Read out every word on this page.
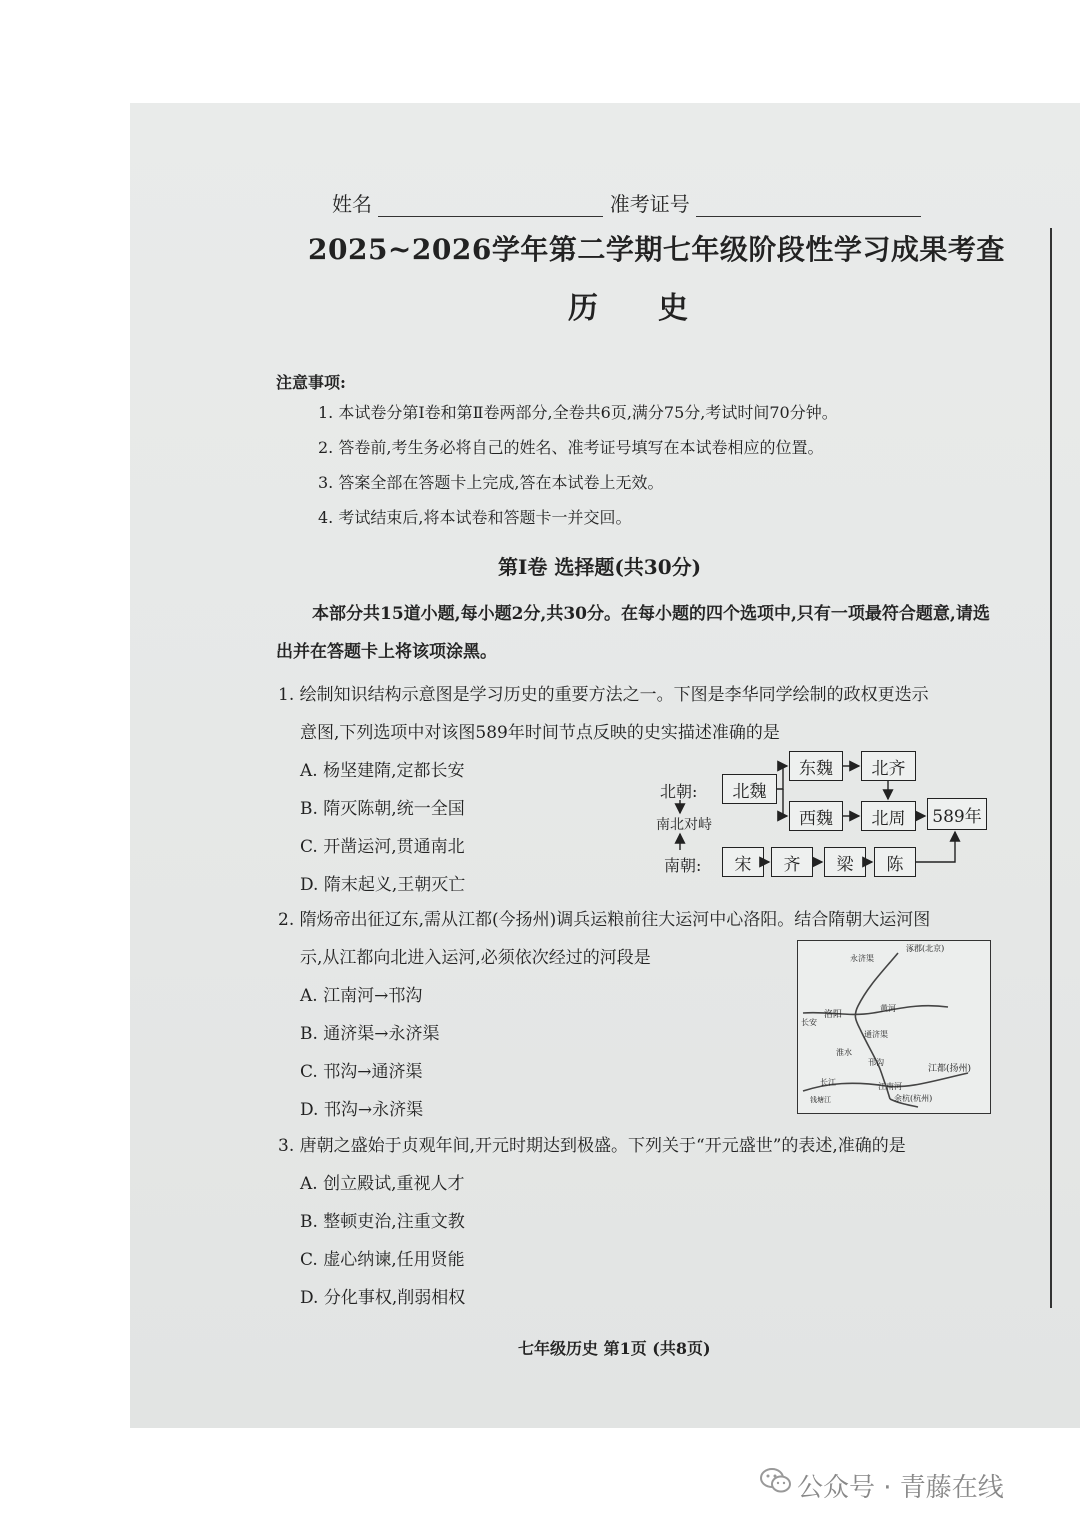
姓名	准考证号
2025~2026学年第二学期七年级阶段性学习成果考查
历史
注意事项:
1. 本试卷分第Ⅰ卷和第Ⅱ卷两部分,全卷共6页,满分75分,考试时间70分钟。
2. 答卷前,考生务必将自己的姓名、准考证号填写在本试卷相应的位置。
3. 答案全部在答题卡上完成,答在本试卷上无效。
4. 考试结束后,将本试卷和答题卡一并交回。
第Ⅰ卷 选择题(共30分)
本部分共15道小题,每小题2分,共30分。在每小题的四个选项中,只有一项最符合题意,请选出并在答题卡上将该项涂黑。
1. 绘制知识结构示意图是学习历史的重要方法之一。下图是李华同学绘制的政权更迭示
意图,下列选项中对该图589年时间节点反映的史实描述准确的是
A. 杨坚建隋,定都长安
B. 隋灭陈朝,统一全国
C. 开凿运河,贯通南北
D. 隋末起义,王朝灭亡
北朝:
南北对峙
南朝:
北魏
东魏	北齐
西魏	北周	589年
宋	齐	梁	陈
2. 隋炀帝出征辽东,需从江都(今扬州)调兵运粮前往大运河中心洛阳。结合隋朝大运河图
示,从江都向北进入运河,必须依次经过的河段是
A. 江南河→邗沟
B. 通济渠→永济渠
C. 邗沟→通济渠
D. 邗沟→永济渠
涿郡(北京)
永济渠
黄河
洛阳
长安
通济渠
淮水
邗沟
江都(扬州)
长江	江南河
余杭(杭州)
钱塘江
3. 唐朝之盛始于贞观年间,开元时期达到极盛。下列关于“开元盛世”的表述,准确的是
A. 创立殿试,重视人才
B. 整顿吏治,注重文教
C. 虚心纳谏,任用贤能
D. 分化事权,削弱相权
七年级历史 第1页 (共8页)
公众号 · 青藤在线
